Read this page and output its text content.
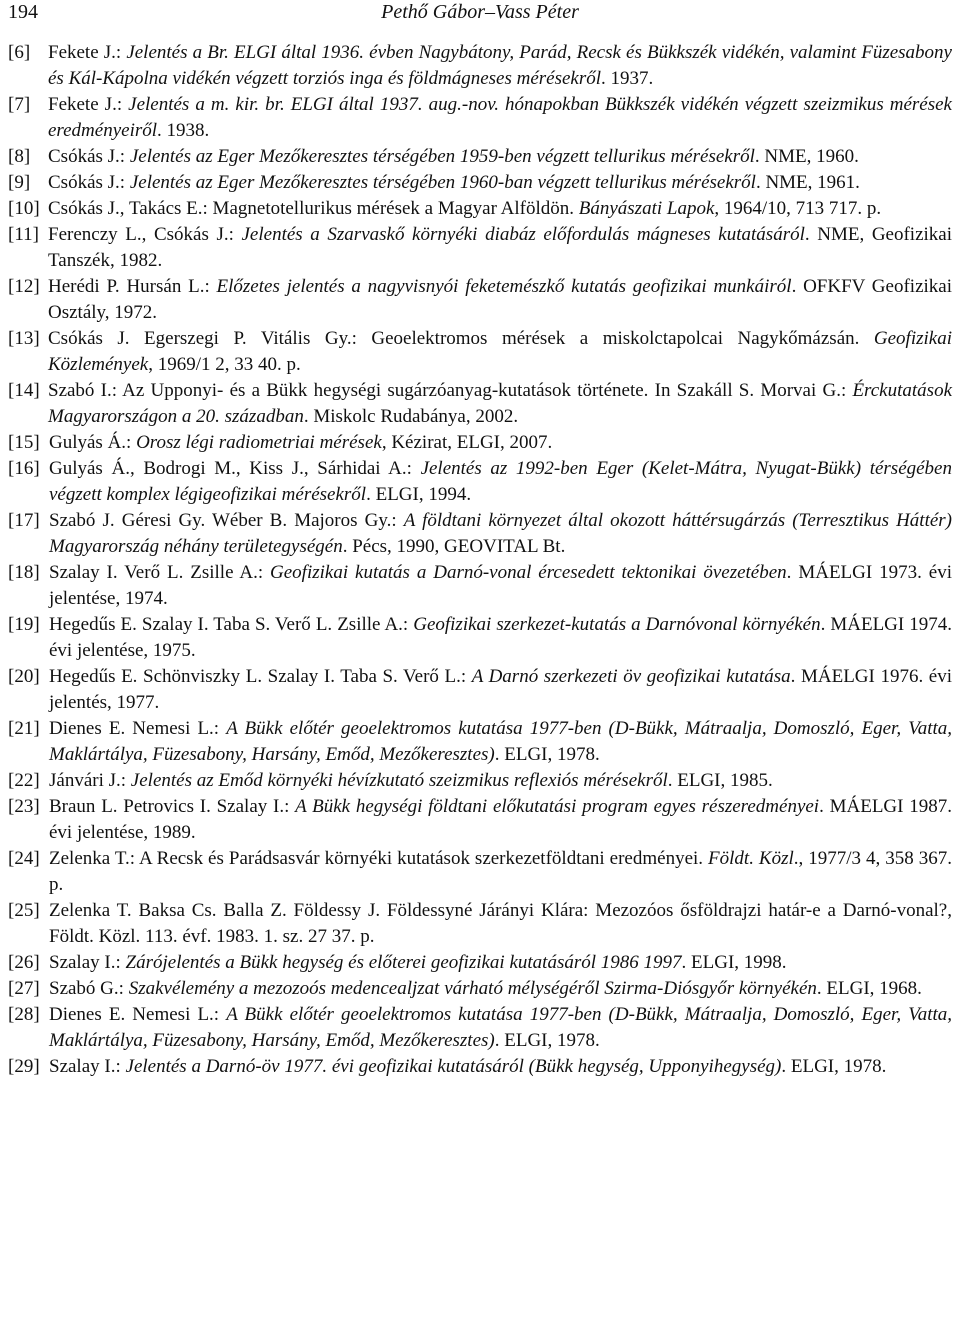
194	Pethő Gábor–Vass Péter
[6] Fekete J.: Jelentés a Br. ELGI által 1936. évben Nagybátony, Parád, Recsk és Bükkszék vidékén, valamint Füzesabony és Kál-Kápolna vidékén végzett torziós inga és földmágneses mérésekről. 1937.
[7] Fekete J.: Jelentés a m. kir. br. ELGI által 1937. aug.-nov. hónapokban Bükkszék vidékén végzett szeizmikus mérések eredményeiről. 1938.
[8] Csókás J.: Jelentés az Eger Mezőkeresztes térségében 1959-ben végzett tellurikus mérésekről. NME, 1960.
[9] Csókás J.: Jelentés az Eger Mezőkeresztes térségében 1960-ban végzett tellurikus mérésekről. NME, 1961.
[10] Csókás J., Takács E.: Magnetotellurikus mérések a Magyar Alföldön. Bányászati Lapok, 1964/10, 713 717. p.
[11] Ferenczy L., Csókás J.: Jelentés a Szarvaskő környéki diabáz előfordulás mágneses kutatásáról. NME, Geofizikai Tanszék, 1982.
[12] Herédi P. Hursán L.: Előzetes jelentés a nagyvisnyói feketemészkő kutatás geofizikai munkáiról. OFKFV Geofizikai Osztály, 1972.
[13] Csókás J. Egerszegi P. Vitális Gy.: Geoelektromos mérések a miskolctapolcai Nagykőmázsán. Geofizikai Közlemények, 1969/1 2, 33 40. p.
[14] Szabó I.: Az Upponyi- és a Bükk hegységi sugárzóanyag-kutatások története. In Szakáll S. Morvai G.: Érckutatások Magyarországon a 20. században. Miskolc Rudabánya, 2002.
[15] Gulyás Á.: Orosz légi radiometriai mérések, Kézirat, ELGI, 2007.
[16] Gulyás Á., Bodrogi M., Kiss J., Sárhidai A.: Jelentés az 1992-ben Eger (Kelet-Mátra, Nyugat-Bükk) térségében végzett komplex légigeofizikai mérésekről. ELGI, 1994.
[17] Szabó J. Géresi Gy. Wéber B. Majoros Gy.: A földtani környezet által okozott háttérsugárzás (Terresztikus Háttér) Magyarország néhány területegységén. Pécs, 1990, GEOVITAL Bt.
[18] Szalay I. Verő L. Zsille A.: Geofizikai kutatás a Darnó-vonal ércesedett tektonikai övezetében. MÁELGI 1973. évi jelentése, 1974.
[19] Hegedűs E. Szalay I. Taba S. Verő L. Zsille A.: Geofizikai szerkezet-kutatás a Darnóvonal környékén. MÁELGI 1974. évi jelentése, 1975.
[20] Hegedűs E. Schönviszky L. Szalay I. Taba S. Verő L.: A Darnó szerkezeti öv geofizikai kutatása. MÁELGI 1976. évi jelentés, 1977.
[21] Dienes E. Nemesi L.: A Bükk előtér geoelektromos kutatása 1977-ben (D-Bükk, Mátraalja, Domoszló, Eger, Vatta, Maklártálya, Füzesabony, Harsány, Emőd, Mezőkeresztes). ELGI, 1978.
[22] Jánvári J.: Jelentés az Emőd környéki hévízkutató szeizmikus reflexiós mérésekről. ELGI, 1985.
[23] Braun L. Petrovics I. Szalay I.: A Bükk hegységi földtani előkutatási program egyes részeredményei. MÁELGI 1987. évi jelentése, 1989.
[24] Zelenka T.: A Recsk és Parádsasvár környéki kutatások szerkezetföldtani eredményei. Földt. Közl., 1977/3 4, 358 367. p.
[25] Zelenka T. Baksa Cs. Balla Z. Földessy J. Földessyné Járányi Klára: Mezozóos ősföldrajzi határ-e a Darnó-vonal?, Földt. Közl. 113. évf. 1983. 1. sz. 27 37. p.
[26] Szalay I.: Zárójelentés a Bükk hegység és előterei geofizikai kutatásáról 1986 1997. ELGI, 1998.
[27] Szabó G.: Szakvélemény a mezozoós medencealjzat várható mélységéről Szirma-Diósgyőr környékén. ELGI, 1968.
[28] Dienes E. Nemesi L.: A Bükk előtér geoelektromos kutatása 1977-ben (D-Bükk, Mátraalja, Domoszló, Eger, Vatta, Maklártálya, Füzesabony, Harsány, Emőd, Mezőkeresztes). ELGI, 1978.
[29] Szalay I.: Jelentés a Darnó-öv 1977. évi geofizikai kutatásáról (Bükk hegység, Upponyihegység). ELGI, 1978.
